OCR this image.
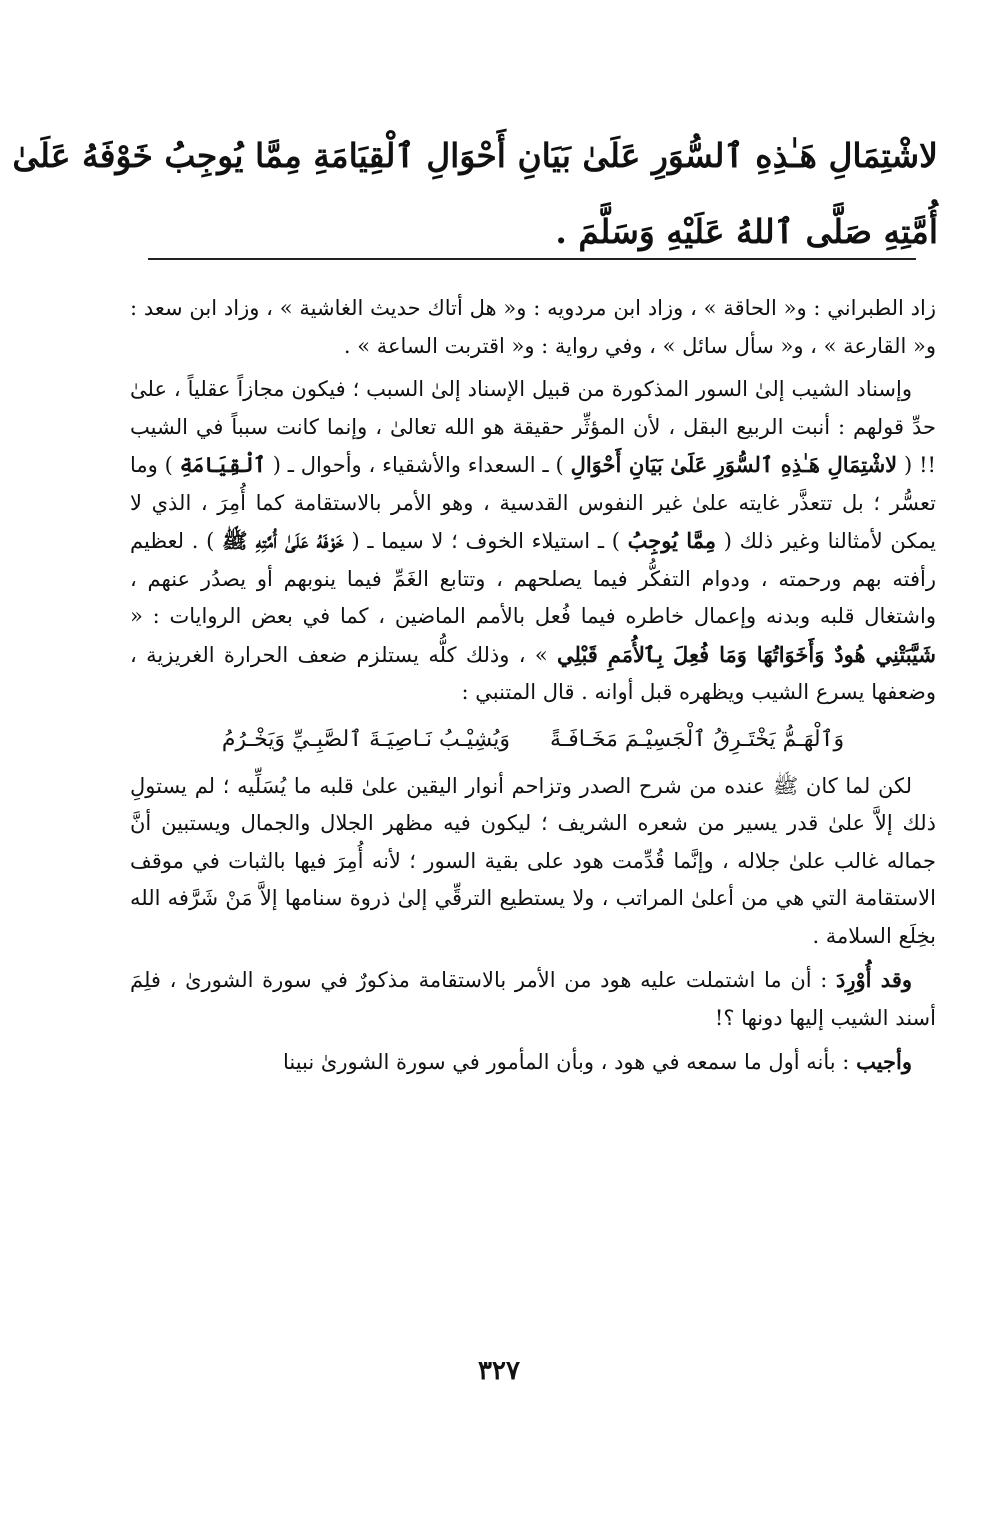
لاشْتِمَالِ هَـٰذِهِ ٱلسُّوَرِ عَلَىٰ بَيَانِ أَحْوَالِ ٱلْقِيَامَةِ مِمَّا يُوجِبُ خَوْفَهُ عَلَىٰ
أُمَّتِهِ صَلَّى ٱللهُ عَلَيْهِ وَسَلَّمَ .

زاد الطبراني : و« الحاقة » ، وزاد ابن مردويه : و« هل أتاك حديث الغاشية » ، وزاد ابن سعد : و« القارعة » ، و« سأل سائل » ، وفي رواية : و« اقتربت الساعة » .

وإسناد الشيب إلىٰ السور المذكورة من قبيل الإسناد إلىٰ السبب ؛ فيكون مجازاً عقلياً ، علىٰ حدِّ قولهم : أنبت الربيع البقل ، لأن المؤثِّر حقيقة هو الله تعالىٰ ، وإنما كانت سبباً في الشيب !! ( لاشْتِمَالِ هَـٰذِهِ ٱلسُّوَرِ عَلَىٰ بَيَانِ أَحْوَالِ ) ـ السعداء والأشقياء ، وأحوال ـ ( ٱلْقِيَامَةِ ) وما تعسُّر ؛ بل تتعذَّر غايته علىٰ غير النفوس القدسية ، وهو الأمر بالاستقامة كما أُمِرَ ، الذي لا يمكن لأمثالنا وغير ذلك ( مِمَّا يُوجِبُ ) ـ استيلاء الخوف ؛ لا سيما ـ ( خَوْفَهُ عَلَىٰ أُمَّتِهِ ﷺ ) . لعظيم رأفته بهم ورحمته ، ودوام التفكُّر فيما يصلحهم ، وتتابع الغَمِّ فيما ينوبهم أو يصدُر عنهم ، واشتغال قلبه وبدنه وإعمال خاطره فيما فُعل بالأمم الماضين ، كما في بعض الروايات : « شَيَّبَتْنِي هُودٌ وَأَخَوَاتُهَا وَمَا فُعِلَ بِٱلأُمَمِ قَبْلِي » ، وذلك كلُّه يستلزم ضعف الحرارة الغريزية ، وضعفها يسرع الشيب ويظهره قبل أوانه . قال المتنبي :

وَٱلْهَـمُّ يَخْتَـرِقُ ٱلْجَسِيْـمَ مَخَـافَـةً
وَيُشِيْـبُ نَـاصِيَـةَ ٱلصَّبِـيِّ وَيَخْـرُمُ

لكن لما كان ﷺ عنده من شرح الصدر وتزاحم أنوار اليقين علىٰ قلبه ما يُسَلِّيه ؛ لم يستولِ ذلك إلاَّ علىٰ قدر يسير من شعره الشريف ؛ ليكون فيه مظهر الجلال والجمال ويستبين أنَّ جماله غالب علىٰ جلاله ، وإنَّما قُدِّمت هود على بقية السور ؛ لأنه أُمِرَ فيها بالثبات في موقف الاستقامة التي هي من أعلىٰ المراتب ، ولا يستطيع الترقِّي إلىٰ ذروة سنامها إلاَّ مَنْ شَرَّفه الله بخِلَع السلامة .

وقد أُوْرِدَ : أن ما اشتملت عليه هود من الأمر بالاستقامة مذكورٌ في سورة الشورىٰ ، فلِمَ أسند الشيب إليها دونها ؟!

وأجيب : بأنه أول ما سمعه في هود ، وبأن المأمور في سورة الشورىٰ نبينا

٣٢٧
